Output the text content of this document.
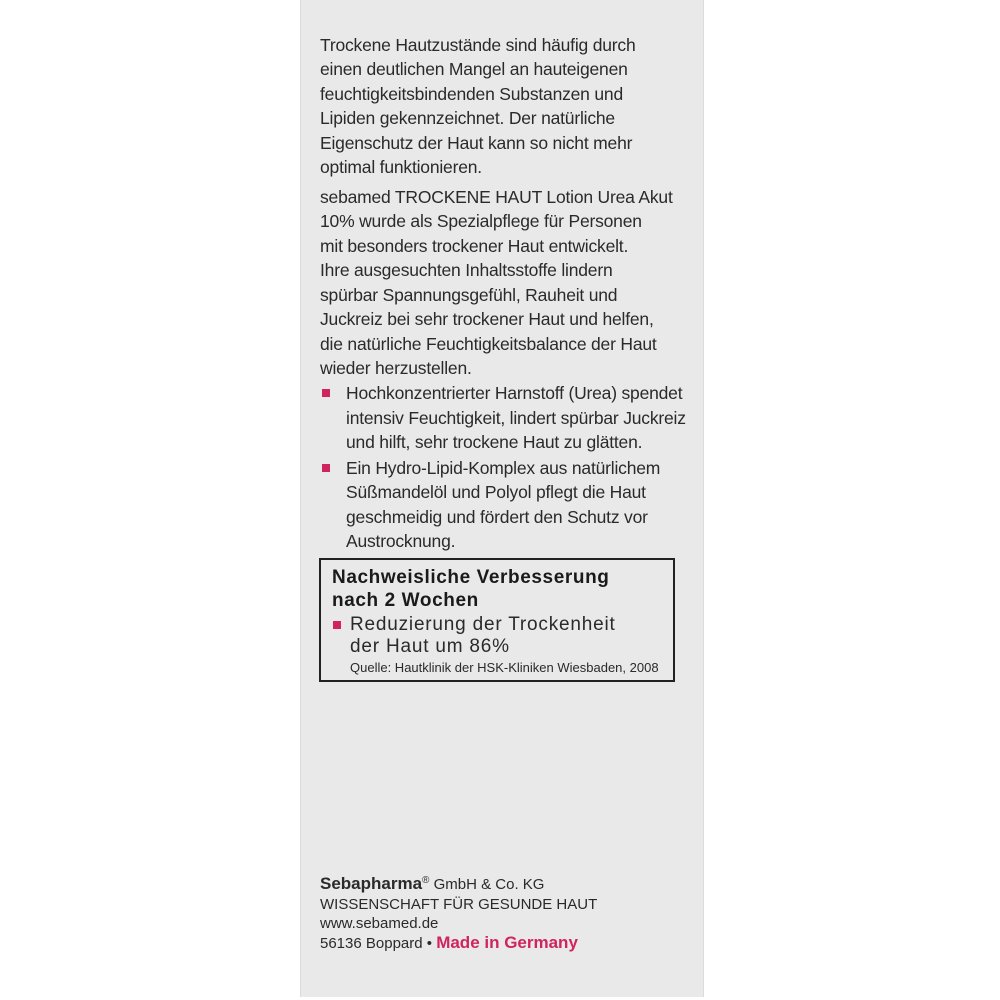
Trockene Hautzustände sind häufig durch
einen deutlichen Mangel an hauteigenen
feuchtigkeitsbindenden Substanzen und
Lipiden gekennzeichnet. Der natürliche
Eigenschutz der Haut kann so nicht mehr
optimal funktionieren.
sebamed TROCKENE HAUT Lotion Urea Akut
10% wurde als Spezialpflege für Personen
mit besonders trockener Haut entwickelt.
Ihre ausgesuchten Inhaltsstoffe lindern
spürbar Spannungsgefühl, Rauheit und
Juckreiz bei sehr trockener Haut und helfen,
die natürliche Feuchtigkeitsbalance der Haut
wieder herzustellen.
Hochkonzentrierter Harnstoff (Urea) spendet
intensiv Feuchtigkeit, lindert spürbar Juckreiz
und hilft, sehr trockene Haut zu glätten.
Ein Hydro-Lipid-Komplex aus natürlichem
Süßmandelöl und Polyol pflegt die Haut
geschmeidig und fördert den Schutz vor
Austrocknung.
Nachweisliche Verbesserung
nach 2 Wochen
Reduzierung der Trockenheit
der Haut um 86%
Quelle: Hautklinik der HSK-Kliniken Wiesbaden, 2008
Sebapharma® GmbH & Co. KG
WISSENSCHAFT FÜR GESUNDE HAUT
www.sebamed.de
56136 Boppard • Made in Germany
